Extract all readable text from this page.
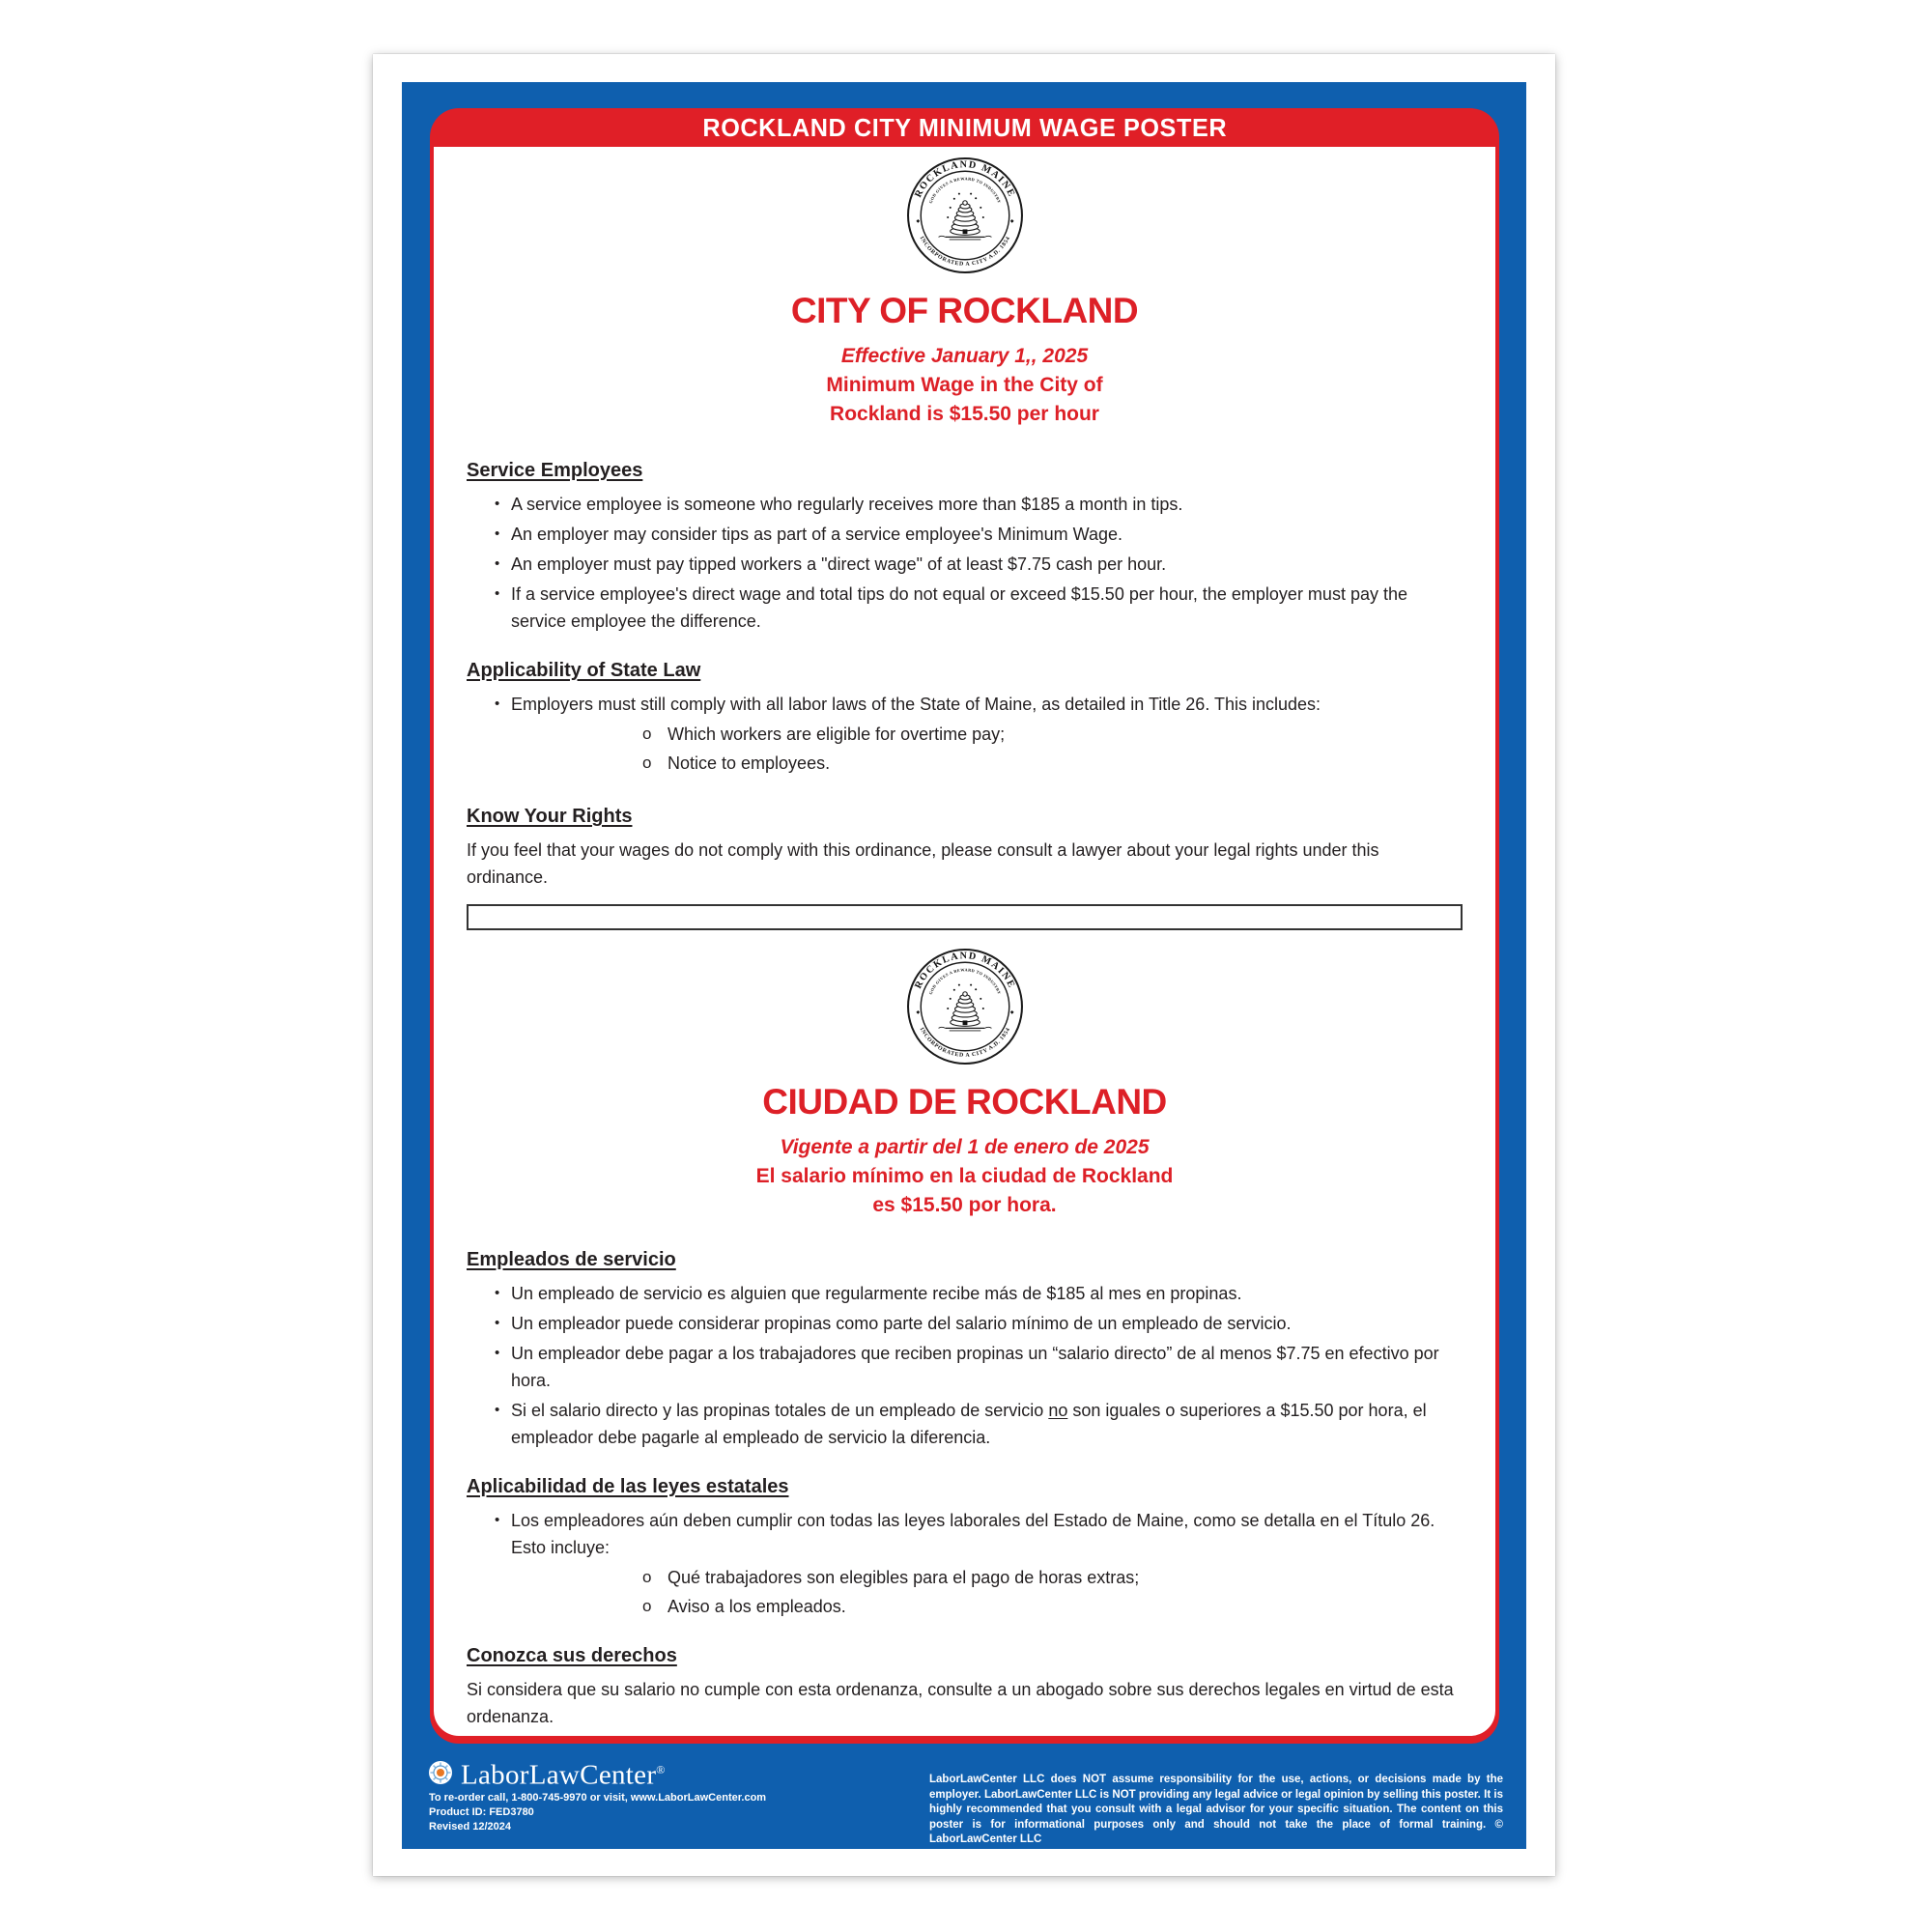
ROCKLAND CITY MINIMUM WAGE POSTER
ROCKLAND MAINE
INCORPORATED A CITY A.D. 1854
GOD GIVES A REWARD TO INDUSTRY
CITY OF ROCKLAND
Effective January 1,, 2025
Minimum Wage in the City of
Rockland is $15.50 per hour
Service Employees
• A service employee is someone who regularly receives more than $185 a month in tips.
• An employer may consider tips as part of a service employee's Minimum Wage.
• An employer must pay tipped workers a "direct wage" of at least $7.75 cash per hour.
• If a service employee's direct wage and total tips do not equal or exceed $15.50 per hour, the employer must pay the service employee the difference.
Applicability of State Law
• Employers must still comply with all labor laws of the State of Maine, as detailed in Title 26. This includes:
o Which workers are eligible for overtime pay;
o Notice to employees.
Know Your Rights
If you feel that your wages do not comply with this ordinance, please consult a lawyer about your legal rights under this ordinance.
ROCKLAND MAINE
INCORPORATED A CITY A.D. 1854
GOD GIVES A REWARD TO INDUSTRY
CIUDAD DE ROCKLAND
Vigente a partir del 1 de enero de 2025
El salario mínimo en la ciudad de Rockland
es $15.50 por hora.
Empleados de servicio
• Un empleado de servicio es alguien que regularmente recibe más de $185 al mes en propinas.
• Un empleador puede considerar propinas como parte del salario mínimo de un empleado de servicio.
• Un empleador debe pagar a los trabajadores que reciben propinas un “salario directo” de al menos $7.75 en efectivo por hora.
• Si el salario directo y las propinas totales de un empleado de servicio no son iguales o superiores a $15.50 por hora, el empleador debe pagarle al empleado de servicio la diferencia.
Aplicabilidad de las leyes estatales
• Los empleadores aún deben cumplir con todas las leyes laborales del Estado de Maine, como se detalla en el Título 26. Esto incluye:
o Qué trabajadores son elegibles para el pago de horas extras;
o Aviso a los empleados.
Conozca sus derechos
Si considera que su salario no cumple con esta ordenanza, consulte a un abogado sobre sus derechos legales en virtud de esta ordenanza.
LaborLawCenter®
To re-order call, 1-800-745-9970 or visit, www.LaborLawCenter.com
Product ID: FED3780
Revised 12/2024
LaborLawCenter LLC does NOT assume responsibility for the use, actions, or decisions made by the employer. LaborLawCenter LLC is NOT providing any legal advice or legal opinion by selling this poster. It is highly recommended that you consult with a legal advisor for your specific situation. The content on this poster is for informational purposes only and should not take the place of formal training. © LaborLawCenter LLC
